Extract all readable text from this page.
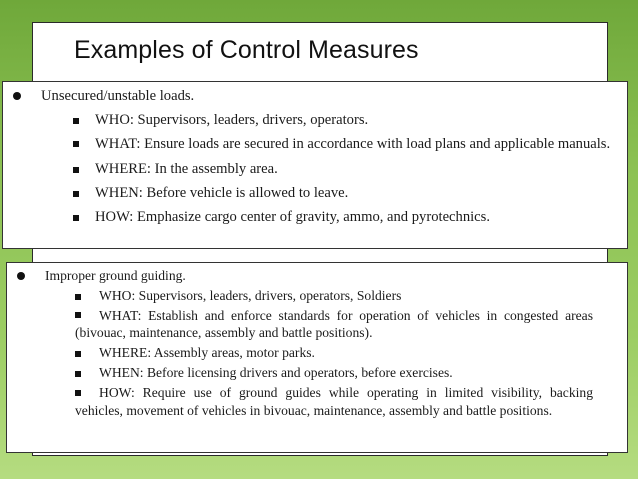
Examples of Control Measures
Unsecured/unstable loads.
WHO: Supervisors, leaders, drivers, operators.
WHAT: Ensure loads are secured in accordance with load plans and applicable manuals.
WHERE: In the assembly area.
WHEN: Before vehicle is allowed to leave.
HOW: Emphasize cargo center of gravity, ammo, and pyrotechnics.
Improper ground guiding.
WHO: Supervisors, leaders, drivers, operators, Soldiers
WHAT: Establish and enforce standards for operation of vehicles in congested areas (bivouac, maintenance, assembly and battle positions).
WHERE: Assembly areas, motor parks.
WHEN: Before licensing drivers and operators, before exercises.
HOW: Require use of ground guides while operating in limited visibility, backing vehicles, movement of vehicles in bivouac, maintenance, assembly and battle positions.
